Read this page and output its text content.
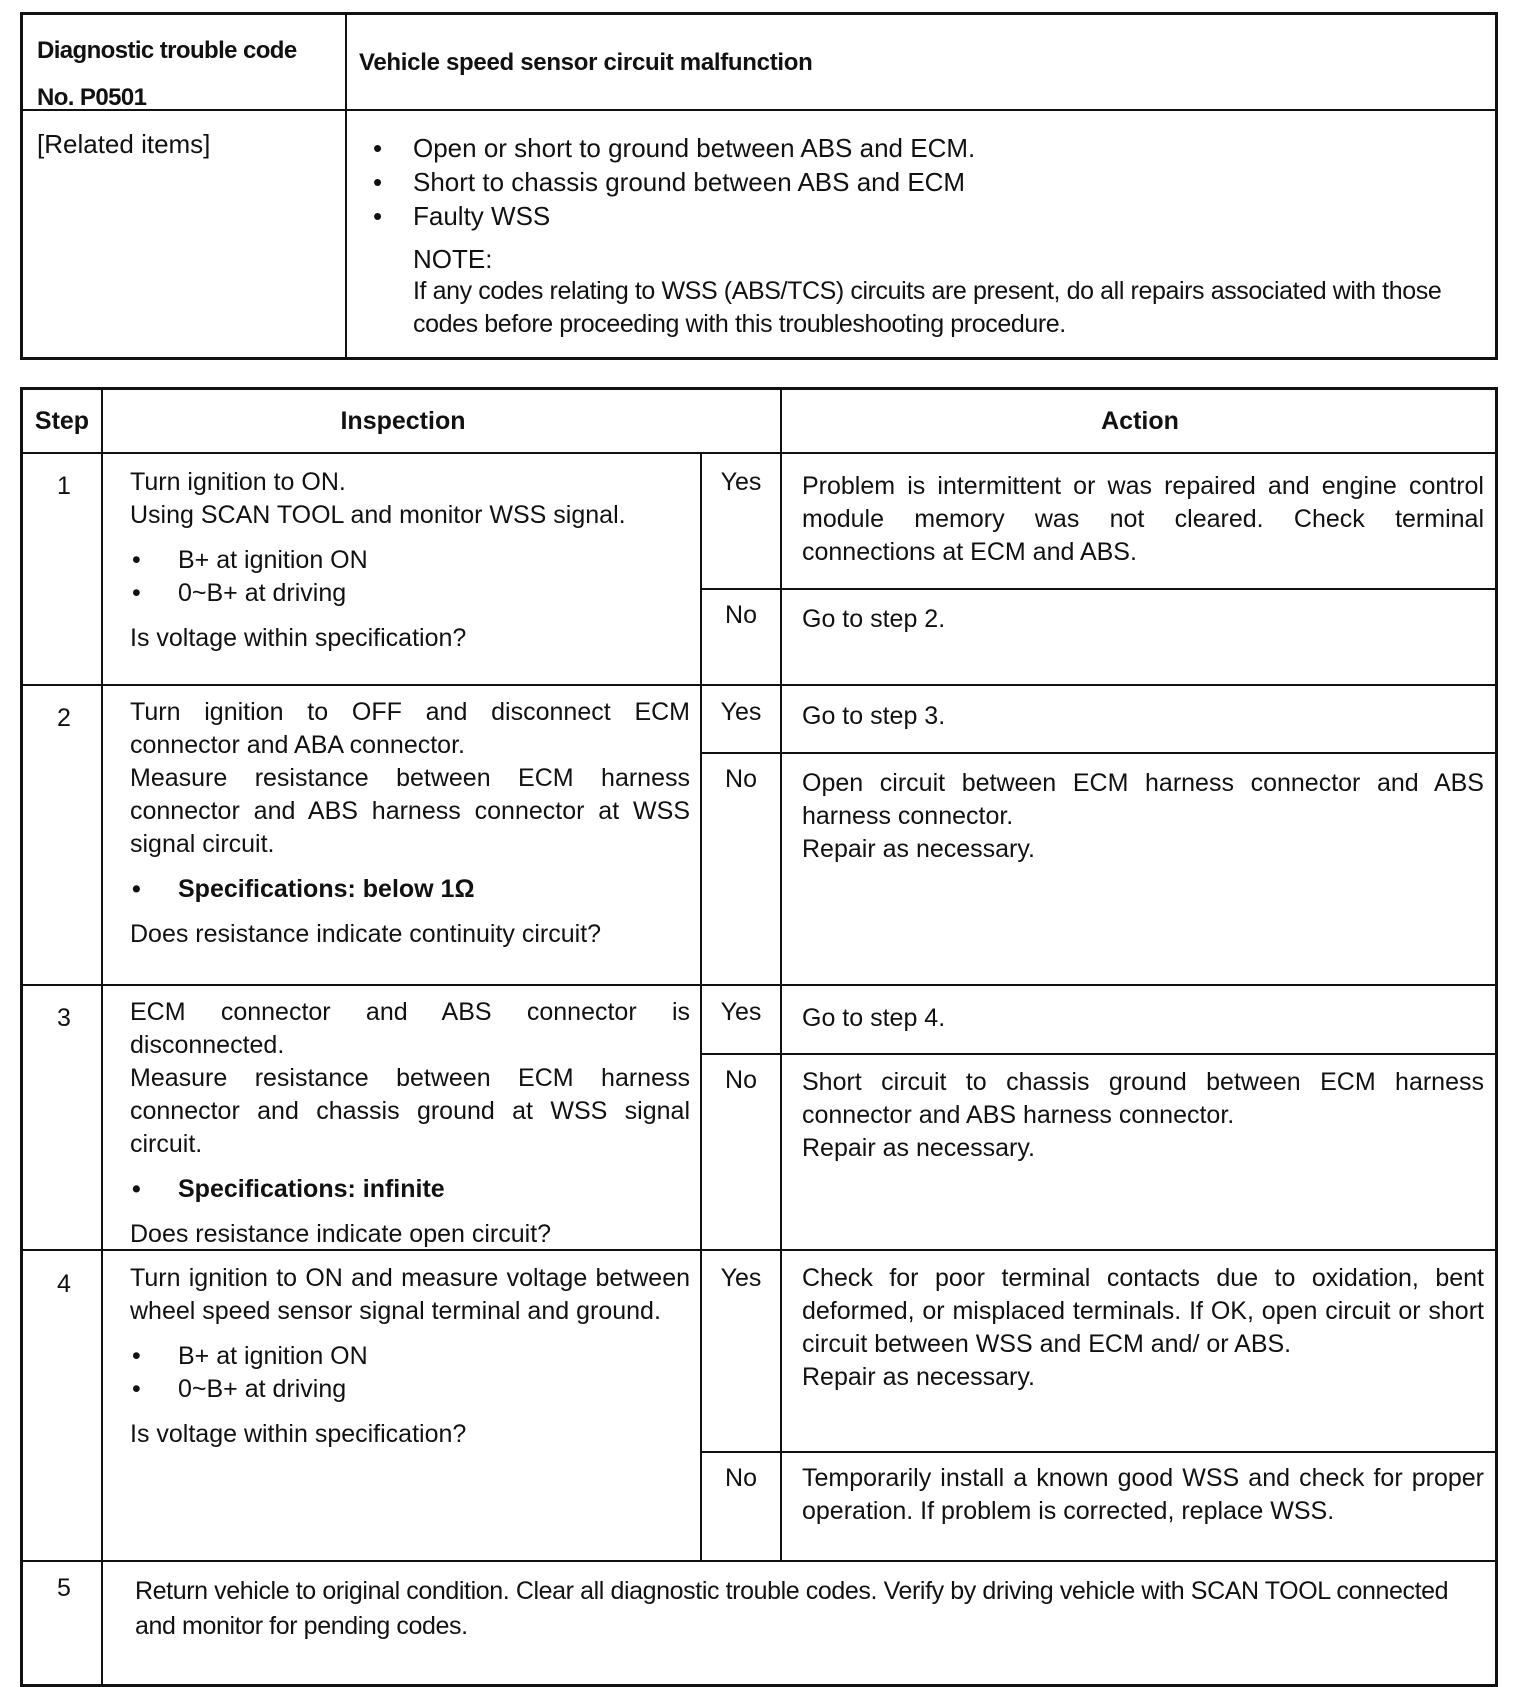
Diagnostic trouble code
No. P0501
Vehicle speed sensor circuit malfunction
[Related items]
•	Open or short to ground between ABS and ECM.
• Short to chassis ground between ABS and ECM
• Faulty WSS
NOTE:
If any codes relating to WSS (ABS/TCS) circuits are present, do all repairs associated with those codes before proceeding with this troubleshooting procedure.
Step	Inspection	Action
1	Turn ignition to ON.

Using SCAN TOOL and monitor WSS signal.

• B+ at ignition ON
• 0~B+ at driving

Is voltage within specification?

Yes	Problem is intermittent or was repaired and engine control module memory was not cleared. Check terminal connections at ECM and ABS.
No	Go to step 2.
2	Turn ignition to OFF and disconnect ECM connector and ABA connector.

Measure resistance between ECM harness connector and ABS harness connector at WSS signal circuit.

• Specifications: below 1Ω

Does resistance indicate continuity circuit?

Yes	Go to step 3.
No	Open circuit between ECM harness connector and ABS harness connector.
Repair as necessary.
3	ECM connector and ABS connector is disconnected.

Measure resistance between ECM harness connector and chassis ground at WSS signal circuit.

• Specifications: infinite

Does resistance indicate open circuit?

Yes	Go to step 4.
No	Short circuit to chassis ground between ECM harness connector and ABS harness connector.
Repair as necessary.
4	Turn ignition to ON and measure voltage between wheel speed sensor signal terminal and ground.

• B+ at ignition ON
• 0~B+ at driving

Is voltage within specification?

Yes	Check for poor terminal contacts due to oxidation, bent deformed, or misplaced terminals. If OK, open circuit or short circuit between WSS and ECM and/ or ABS.
Repair as necessary.
No	Temporarily install a known good WSS and check for proper operation. If problem is corrected, replace WSS.
5	Return vehicle to original condition. Clear all diagnostic trouble codes. Verify by driving vehicle with SCAN TOOL connected and monitor for pending codes.
